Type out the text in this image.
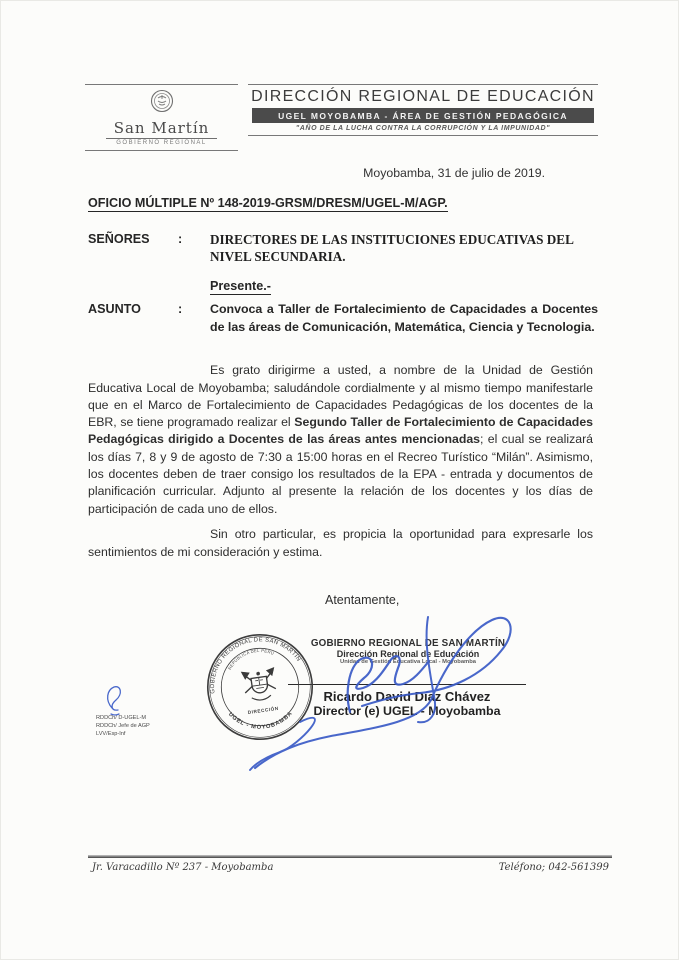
San Martín
GOBIERNO REGIONAL
DIRECCIÓN REGIONAL DE EDUCACIÓN
UGEL MOYOBAMBA - ÁREA DE GESTIÓN PEDAGÓGICA
"AÑO DE LA LUCHA CONTRA LA CORRUPCIÓN Y LA IMPUNIDAD"
Moyobamba, 31 de julio de 2019.
OFICIO MÚLTIPLE Nº 148-2019-GRSM/DRESM/UGEL-M/AGP.
SEÑORES : DIRECTORES DE LAS INSTITUCIONES EDUCATIVAS DEL NIVEL SECUNDARIA.
Presente.-
ASUNTO	: Convoca a Taller de Fortalecimiento de Capacidades a Docentes de las áreas de Comunicación, Matemática, Ciencia y Tecnologia.

Es grato dirigirme a usted, a nombre de la Unidad de Gestión Educativa Local de Moyobamba; saludándole cordialmente y al mismo tiempo manifestarle que en el Marco de Fortalecimiento de Capacidades Pedagógicas de los docentes de la EBR, se tiene programado realizar el Segundo Taller de Fortalecimiento de Capacidades Pedagógicas dirigido a Docentes de las áreas antes mencionadas; el cual se realizará los días 7, 8 y 9 de agosto de 7:30 a 15:00 horas en el Recreo Turístico “Milán”. Asimismo, los docentes deben de traer consigo los resultados de la EPA - entrada y documentos de planificación curricular. Adjunto al presente la relación de los docentes y los días de participación de cada uno de ellos.

Sin otro particular, es propicia la oportunidad para expresarle los sentimientos de mi consideración y estima.

Atentamente,
GOBIERNO REGIONAL DE SAN MARTÍN
Dirección Regional de Educación
Unidad de Gestión Educativa Local - Moyobamba
Ricardo David Díaz Chávez
Director (e) UGEL - Moyobamba
GOBIERNO REGIONAL DE SAN MARTÍN
UGEL - MOYOBAMBA
REPÚBLICA DEL PERÚ
DIRECCIÓN
RDDCh/ D-UGEL-M
RDDCh/ Jefe de AGP
LVV/Esp-Inf
Jr. Varacadillo Nº 237 - Moyobamba	Teléfono; 042-561399
